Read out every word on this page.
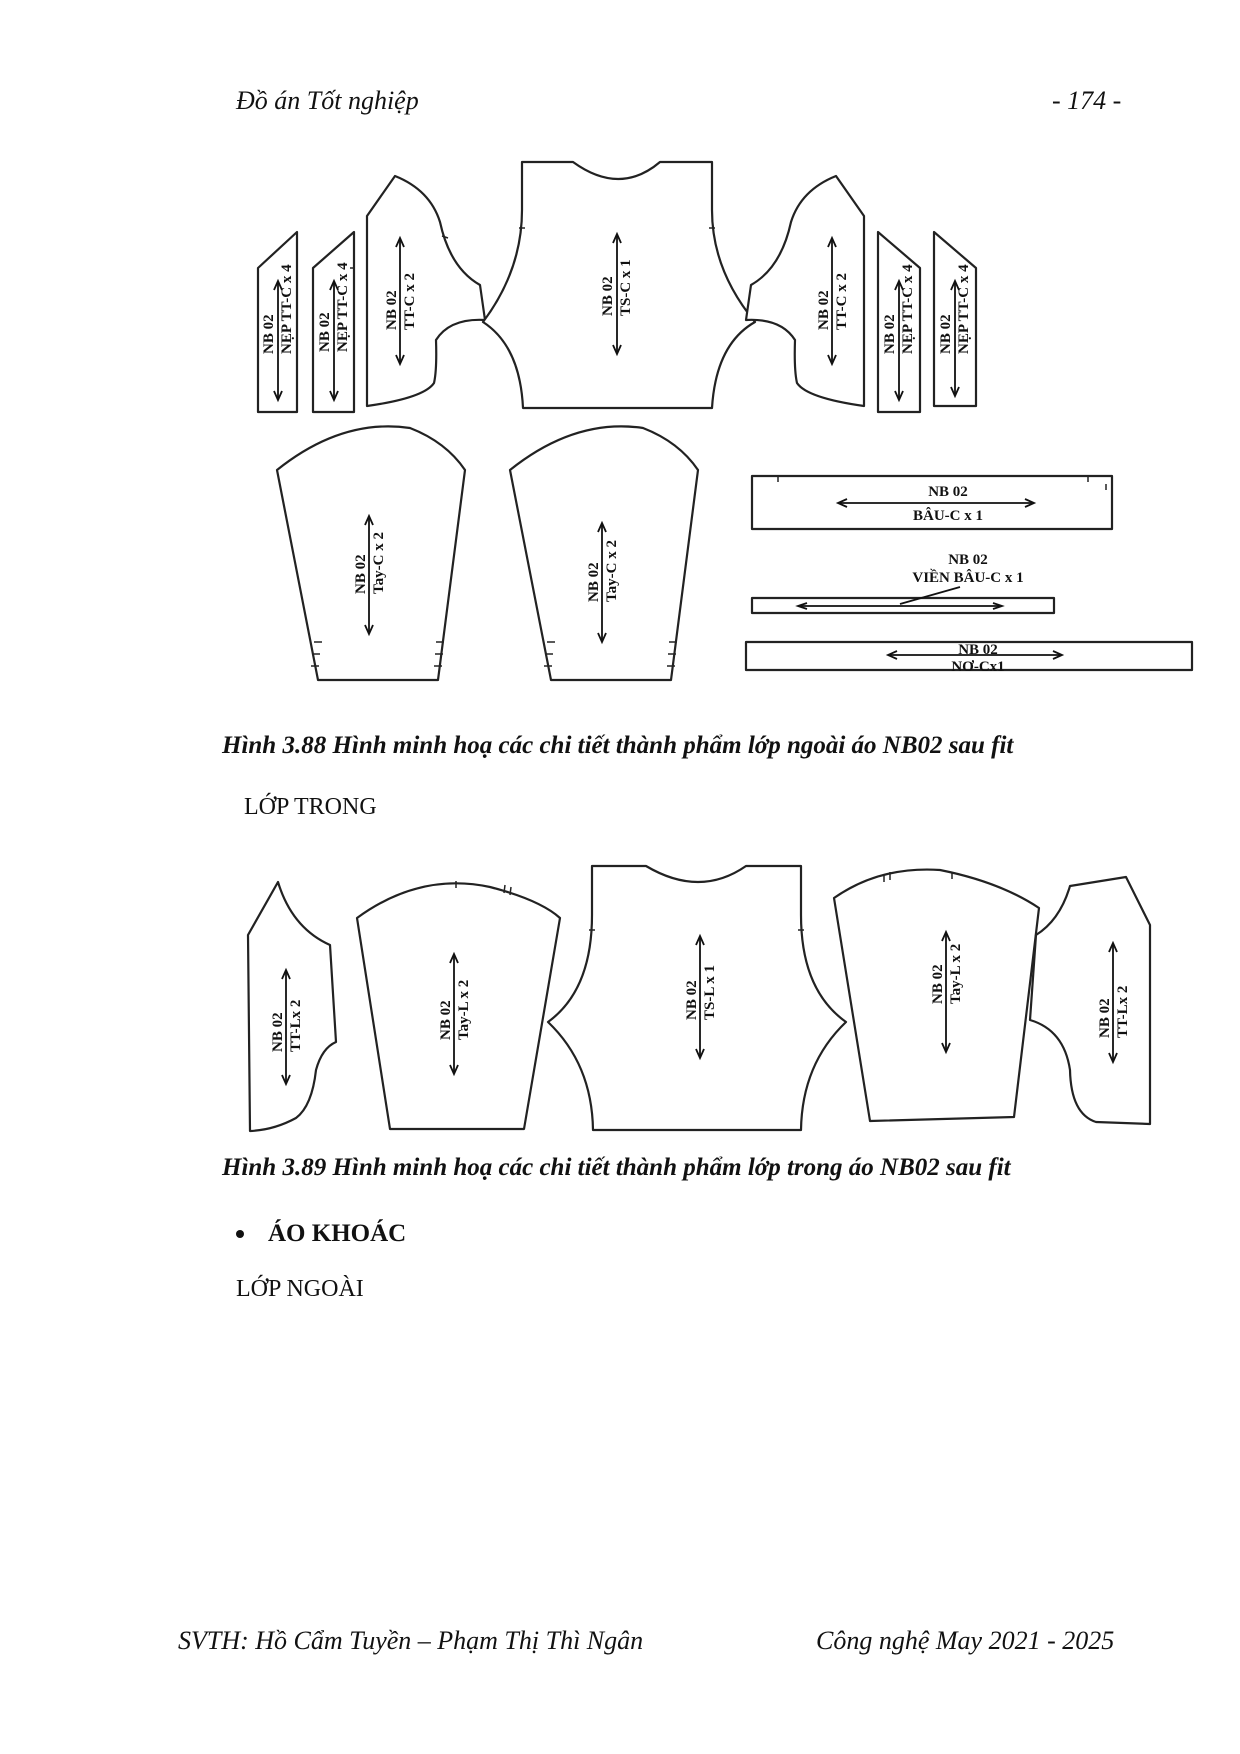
Đồ án Tốt nghiệp	- 174 -
NB 02 NẸP TT-C x 4 NB 02 NẸP TT-C x 4 NB 02 TT-C x 2	NB 02 TS-C x 1	NB 02 TT-C x 2
NB 02 NẸP TT-C x 4 NB 02 NẸP TT-C x 4
NB 02 Tay-C x 2	NB 02 Tay-C x 2
NB 02
BÂU-C x 1
NB 02
VIỀN BÂU-C x 1
NB 02
NƠ-Cx1
Hình 3.88 Hình minh hoạ các chi tiết thành phẩm lớp ngoài áo NB02 sau fit
LỚP TRONG
NB 02 TT-Lx 2	NB 02 Tay-L x 2	NB 02 TS-L x 1	NB 02 Tay-L x 2
NB 02 TT-Lx 2
Hình 3.89 Hình minh hoạ các chi tiết thành phẩm lớp trong áo NB02 sau fit
ÁO KHOÁC
LỚP NGOÀI
SVTH: Hồ Cẩm Tuyền – Phạm Thị Thì Ngân	Công nghệ May 2021 - 2025
